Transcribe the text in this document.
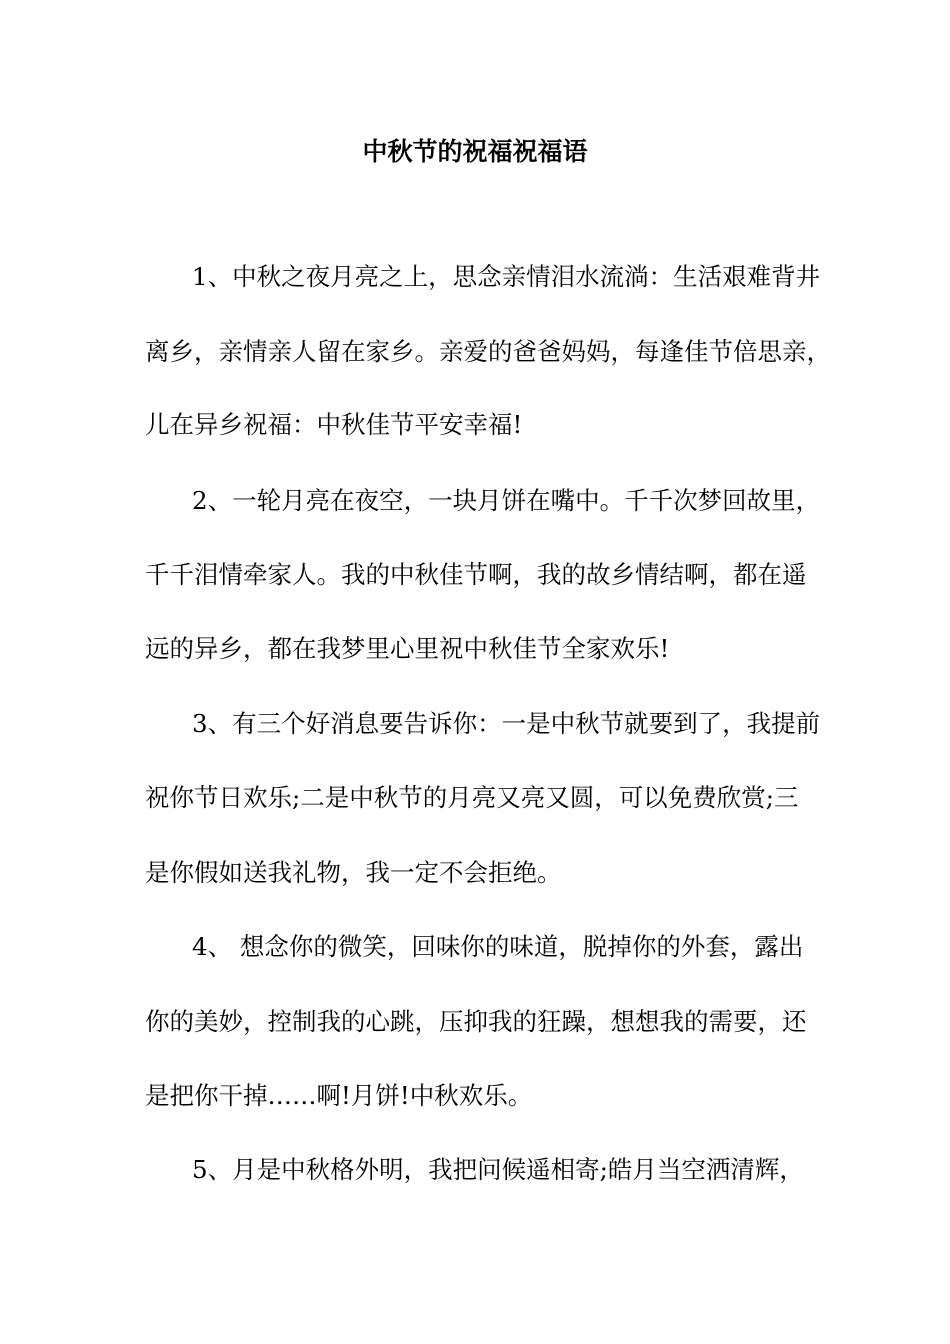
中秋节的祝福祝福语

1、中秋之夜月亮之上，思念亲情泪水流淌：生活艰难背井

离乡，亲情亲人留在家乡。亲爱的爸爸妈妈，每逢佳节倍思亲，

儿在异乡祝福：中秋佳节平安幸福!

2、一轮月亮在夜空，一块月饼在嘴中。千千次梦回故里，

千千泪情牵家人。我的中秋佳节啊，我的故乡情结啊，都在遥

远的异乡，都在我梦里心里祝中秋佳节全家欢乐!

3、有三个好消息要告诉你：一是中秋节就要到了，我提前

祝你节日欢乐;二是中秋节的月亮又亮又圆，可以免费欣赏;三

是你假如送我礼物，我一定不会拒绝。

4、 想念你的微笑，回味你的味道，脱掉你的外套，露出

你的美妙，控制我的心跳，压抑我的狂躁，想想我的需要，还

是把你干掉……啊!月饼!中秋欢乐。

5、月是中秋格外明，我把问候遥相寄;皓月当空洒清辉，
